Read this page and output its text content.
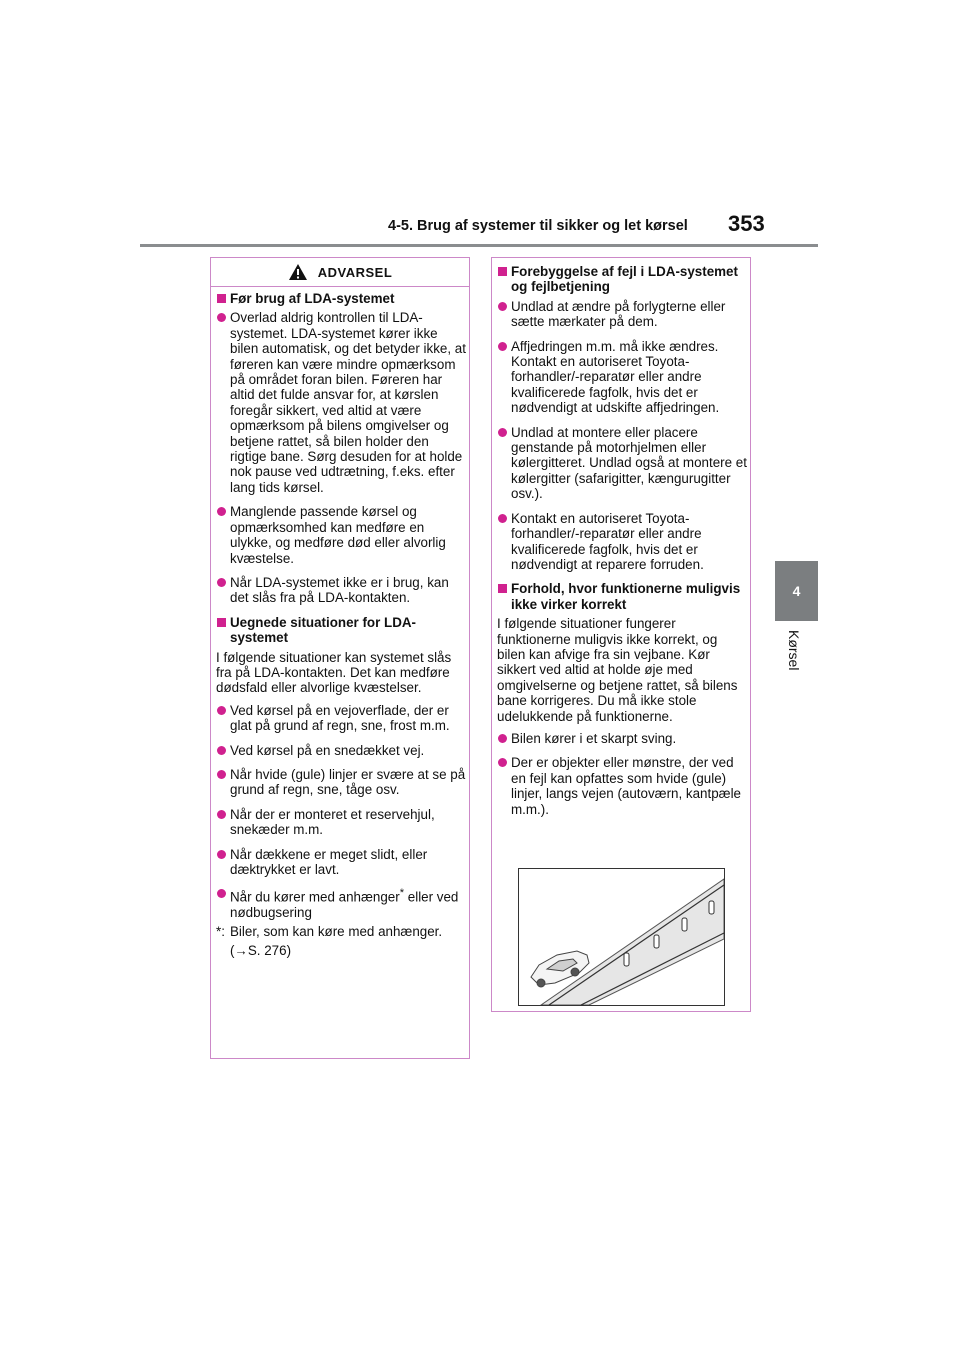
4-5. Brug af systemer til sikker og let kørsel 353
4
Kørsel
ADVARSEL
Før brug af LDA-systemet
Overlad aldrig kontrollen til LDA-systemet. LDA-systemet kører ikke bilen automatisk, og det betyder ikke, at føreren kan være mindre opmærksom på området foran bilen. Føreren har altid det fulde ansvar for, at kørslen foregår sikkert, ved altid at være opmærksom på bilens omgivelser og betjene rattet, så bilen holder den rigtige bane. Sørg desuden for at holde nok pause ved udtrætning, f.eks. efter lang tids kørsel.
Manglende passende kørsel og opmærksomhed kan medføre en ulykke, og medføre død eller alvorlig kvæstelse.
Når LDA-systemet ikke er i brug, kan det slås fra på LDA-kontakten.
Uegnede situationer for LDA-systemet
I følgende situationer kan systemet slås fra på LDA-kontakten. Det kan medføre dødsfald eller alvorlige kvæstelser.
Ved kørsel på en vejoverflade, der er glat på grund af regn, sne, frost m.m.
Ved kørsel på en snedækket vej.
Når hvide (gule) linjer er svære at se på grund af regn, sne, tåge osv.
Når der er monteret et reservehjul, snekæder m.m.
Når dækkene er meget slidt, eller dæktrykket er lavt.
Når du kører med anhænger* eller ved nødbugsering
*: Biler, som kan køre med anhænger.
(→S. 276)
Forebyggelse af fejl i LDA-systemet og fejlbetjening
Undlad at ændre på forlygterne eller sætte mærkater på dem.
Affjedringen m.m. må ikke ændres. Kontakt en autoriseret Toyota-forhandler/-reparatør eller andre kvalificerede fagfolk, hvis det er nødvendigt at udskifte affjedringen.
Undlad at montere eller placere genstande på motorhjelmen eller kølergitteret. Undlad også at montere et kølergitter (safarigitter, kængurugitter osv.).
Kontakt en autoriseret Toyota-forhandler/-reparatør eller andre kvalificerede fagfolk, hvis det er nødvendigt at reparere forruden.
Forhold, hvor funktionerne muligvis ikke virker korrekt
I følgende situationer fungerer funktionerne muligvis ikke korrekt, og bilen kan afvige fra sin vejbane. Kør sikkert ved altid at holde øje med omgivelserne og betjene rattet, så bilens bane korrigeres. Du må ikke stole udelukkende på funktionerne.
Bilen kører i et skarpt sving.
Der er objekter eller mønstre, der ved en fejl kan opfattes som hvide (gule) linjer, langs vejen (autoværn, kantpæle m.m.).
